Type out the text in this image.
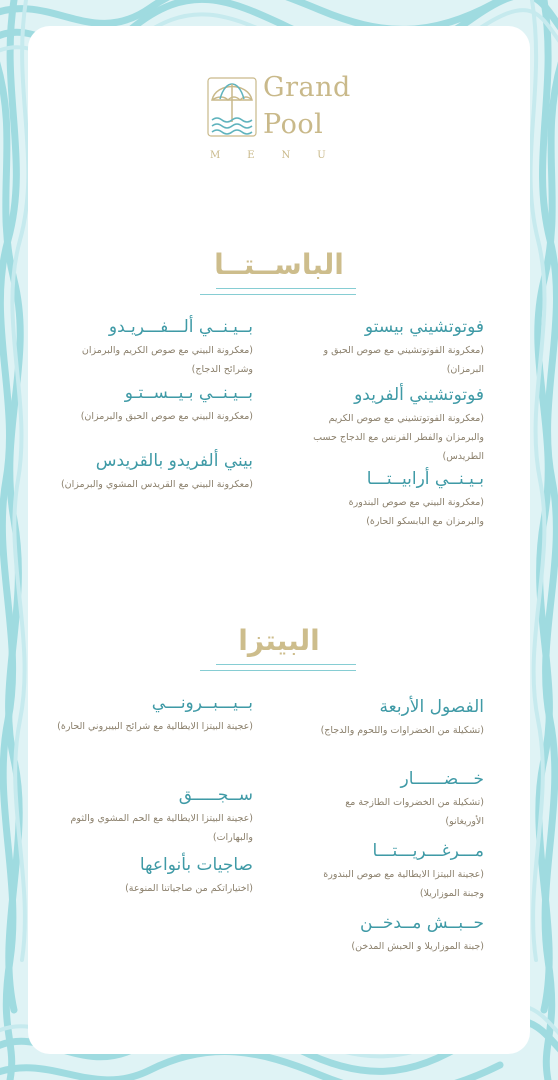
Grand
Pool
MENU
الباســتــا
فوتوتشيني بيستو
(معكرونة الفوتوتشيني مع صوص الحبق و البرمزان)
فوتوتشيني ألفريدو
(معكرونة الفوتوتشيني مع صوص الكريم والبرمزان والفطر الفرنس مع الدجاج حسب الطريدس)
بـيـنــي أرابيــتـــا
(معكرونة البيني مع صوص البندورة والبرمزان مع البابسكو الحارة)
بــيـنــي ألـــفـــريـدو
(معكرونة البيني مع صوص الكريم والبرمزان وشرائح الدجاج)
بــيـنــي بـيــســتـو
(معكرونة البيني مع صوص الحبق والبرمزان)
بيني ألفريدو بالقريدس
(معكرونة البيني مع القريدس المشوي والبرمزان)
البيتزا
الفصول الأربعة
(تشكيلة من الخضراوات واللحوم والدجاج)
خـــضــــــار
(تشكيلة من الخضروات الطازجة مع الأوريغانو)
مـــرغـــريـــتـــا
(عجينة البيتزا الايطالية مع صوص البندورة وجبنة الموزاريلا)
حــبــش مــدخــن
(جبنة الموزاريلا و الحبش المدخن)
بــيـــبــرونـــي
(عجينة البيتزا الايطالية مع شرائح البيبروني الحارة)
ســجـــــق
(عجينة البيتزا الايطالية مع الحم المشوي والثوم والبهارات)
صاجيات بأنواعها
(اختياراتكم من صاجياتنا المنوعة)
